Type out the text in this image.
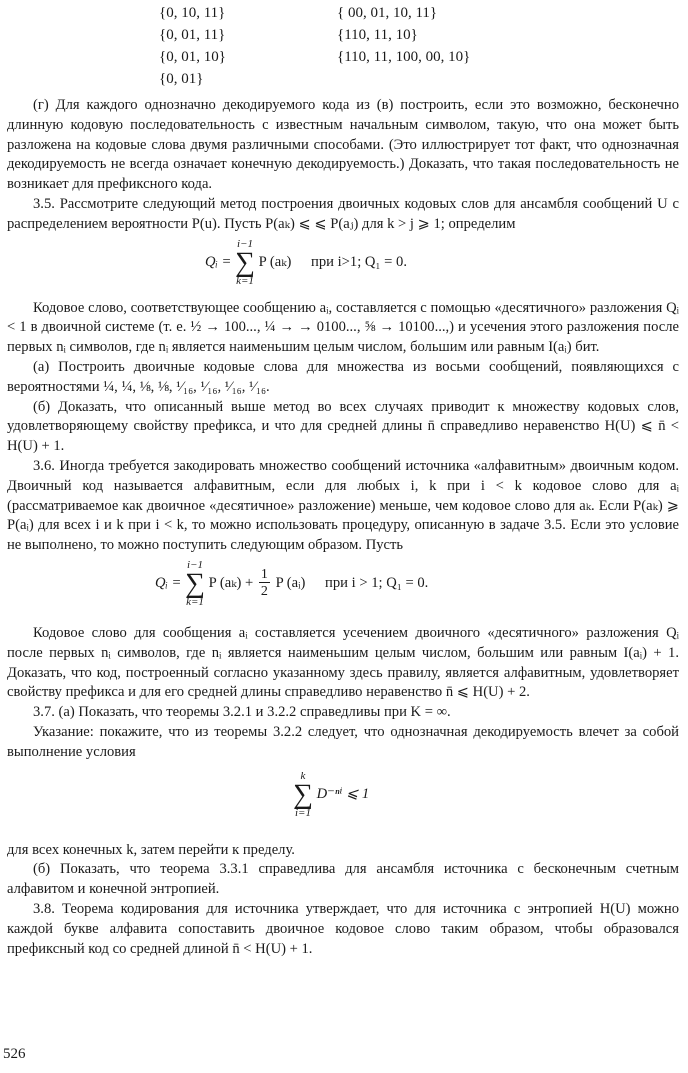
{0, 10, 11}
{0, 01, 11}
{0, 01, 10}
{0, 01}
{ 00, 01, 10, 11}
{110, 11, 10}
{110, 11, 100, 00, 10}

(г) Для каждого однозначно декодируемого кода из (в) построить, если это возможно, бесконечно длинную кодовую последовательность с известным начальным символом, такую, что она может быть разложена на кодовые слова двумя различными способами. (Это иллюстрирует тот факт, что однозначная декодируемость не всегда означает конечную декодируемость.) Доказать, что такая последовательность не возникает для префиксного кода.

3.5. Рассмотрите следующий метод построения двоичных кодовых слов для ансамбля сообщений U с распределением вероятности P(u). Пусть P(aₖ) ⩽ ⩽ P(aⱼ) для k > j ⩾ 1; определим

Qᵢ =
i−1
∑
k=1
P (aₖ) при i>1; Q₁ = 0.

Кодовое слово, соответствующее сообщению aᵢ, составляется с помощью «десятичного» разложения Qᵢ < 1 в двоичной системе (т. е. ½ → 100..., ¼ → → 0100..., ⅝ → 10100...,) и усечения этого разложения после первых nᵢ символов, где nᵢ является наименьшим целым числом, большим или равным I(aᵢ) бит.

(а) Построить двоичные кодовые слова для множества из восьми сообщений, появляющихся с вероятностями ¼, ¼, ⅛, ⅛, ¹⁄₁₆, ¹⁄₁₆, ¹⁄₁₆, ¹⁄₁₆.

(б) Доказать, что описанный выше метод во всех случаях приводит к множеству кодовых слов, удовлетворяющему свойству префикса, и что для средней длины n̄ справедливо неравенство H(U) ⩽ n̄ < H(U) + 1.

3.6. Иногда требуется закодировать множество сообщений источника «алфавитным» двоичным кодом. Двоичный код называется алфавитным, если для любых i, k при i < k кодовое слово для aᵢ (рассматриваемое как двоичное «десятичное» разложение) меньше, чем кодовое слово для aₖ. Если P(aₖ) ⩾ P(aᵢ) для всех i и k при i < k, то можно использовать процедуру, описанную в задаче 3.5. Если это условие не выполнено, то можно поступить следующим образом. Пусть

Qᵢ =
i−1
∑
k=1
P $(a_k) + \frac{1}{2}$ P (aᵢ) при i > 1; Q₁ = 0.

Кодовое слово для сообщения aᵢ составляется усечением двоичного «десятичного» разложения Qᵢ после первых nᵢ символов, где nᵢ является наименьшим целым числом, большим или равным I(aᵢ) + 1. Доказать, что код, построенный согласно указанному здесь правилу, является алфавитным, удовлетворяет свойству префикса и для его средней длины справедливо неравенство n̄ ⩽ H(U) + 2.

3.7. (а) Показать, что теоремы 3.2.1 и 3.2.2 справедливы при K = ∞.

Указание: покажите, что из теоремы 3.2.2 следует, что однозначная декодируемость влечет за собой выполнение условия

k
∑
i=1
D⁻ⁿⁱ ⩽ 1

для всех конечных k, затем перейти к пределу.

(б) Показать, что теорема 3.3.1 справедлива для ансамбля источника с бесконечным счетным алфавитом и конечной энтропией.

3.8. Теорема кодирования для источника утверждает, что для источника с энтропией H(U) можно каждой букве алфавита сопоставить двоичное кодовое слово таким образом, чтобы образовался префиксный код со средней длиной n̄ < H(U) + 1.

526
